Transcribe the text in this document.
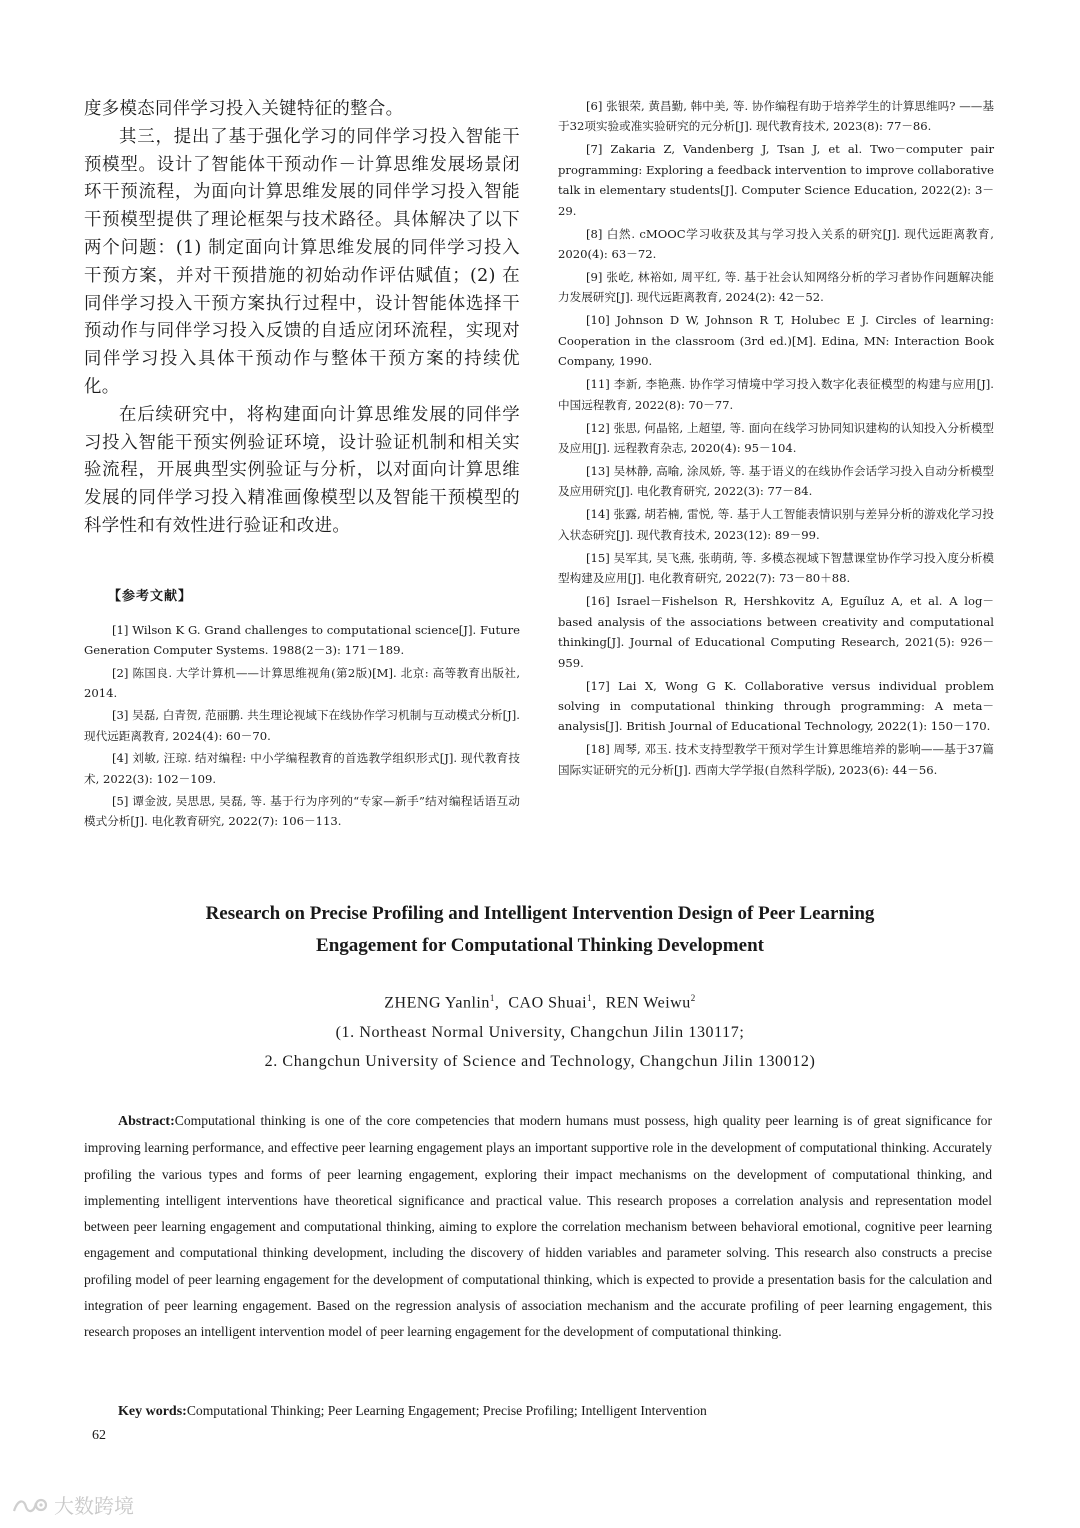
度多模态同伴学习投入关键特征的整合。

其三，提出了基于强化学习的同伴学习投入智能干预模型。设计了智能体干预动作－计算思维发展场景闭环干预流程，为面向计算思维发展的同伴学习投入智能干预模型提供了理论框架与技术路径。具体解决了以下两个问题：(1) 制定面向计算思维发展的同伴学习投入干预方案，并对干预措施的初始动作评估赋值；(2) 在同伴学习投入干预方案执行过程中，设计智能体选择干预动作与同伴学习投入反馈的自适应闭环流程，实现对同伴学习投入具体干预动作与整体干预方案的持续优化。

在后续研究中，将构建面向计算思维发展的同伴学习投入智能干预实例验证环境，设计验证机制和相关实验流程，开展典型实例验证与分析，以对面向计算思维发展的同伴学习投入精准画像模型以及智能干预模型的科学性和有效性进行验证和改进。

【参考文献】
[1] Wilson K G. Grand challenges to computational science[J]. Future Generation Computer Systems. 1988(2－3): 171－189.
[2] 陈国良. 大学计算机——计算思维视角(第2版)[M]. 北京: 高等教育出版社, 2014.
[3] 吴磊, 白青贺, 范丽鹏. 共生理论视域下在线协作学习机制与互动模式分析[J]. 现代远距离教育, 2024(4): 60－70.
[4] 刘敏, 汪琼. 结对编程: 中小学编程教育的首选教学组织形式[J]. 现代教育技术, 2022(3): 102－109.
[5] 谭金波, 吴思思, 吴磊, 等. 基于行为序列的“专家—新手”结对编程话语互动模式分析[J]. 电化教育研究, 2022(7): 106－113.
[6] 张银荣, 黄昌勤, 韩中美, 等. 协作编程有助于培养学生的计算思维吗? ——基于32项实验或准实验研究的元分析[J]. 现代教育技术, 2023(8): 77－86.
[7] Zakaria Z, Vandenberg J, Tsan J, et al. Two－computer pair programming: Exploring a feedback intervention to improve collaborative talk in elementary students[J]. Computer Science Education, 2022(2): 3－29.
[8] 白然. cMOOC学习收获及其与学习投入关系的研究[J]. 现代远距离教育, 2020(4): 63－72.
[9] 张屹, 林裕如, 周平红, 等. 基于社会认知网络分析的学习者协作问题解决能力发展研究[J]. 现代远距离教育, 2024(2): 42－52.
[10] Johnson D W, Johnson R T, Holubec E J. Circles of learning: Cooperation in the classroom (3rd ed.)[M]. Edina, MN: Interaction Book Company, 1990.
[11] 李新, 李艳燕. 协作学习情境中学习投入数字化表征模型的构建与应用[J]. 中国远程教育, 2022(8): 70－77.
[12] 张思, 何晶铭, 上超望, 等. 面向在线学习协同知识建构的认知投入分析模型及应用[J]. 远程教育杂志, 2020(4): 95－104.
[13] 吴林静, 高喻, 涂凤娇, 等. 基于语义的在线协作会话学习投入自动分析模型及应用研究[J]. 电化教育研究, 2022(3): 77－84.
[14] 张露, 胡若楠, 雷悦, 等. 基于人工智能表情识别与差异分析的游戏化学习投入状态研究[J]. 现代教育技术, 2023(12): 89－99.
[15] 吴军其, 吴飞燕, 张萌萌, 等. 多模态视域下智慧课堂协作学习投入度分析模型构建及应用[J]. 电化教育研究, 2022(7): 73－80＋88.
[16] Israel－Fishelson R, Hershkovitz A, Eguíluz A, et al. A log－based analysis of the associations between creativity and computational thinking[J]. Journal of Educational Computing Research, 2021(5): 926－959.
[17] Lai X, Wong G K. Collaborative versus individual problem solving in computational thinking through programming: A meta－analysis[J]. British Journal of Educational Technology, 2022(1): 150－170.
[18] 周琴, 邓玉. 技术支持型教学干预对学生计算思维培养的影响——基于37篇国际实证研究的元分析[J]. 西南大学学报(自然科学版), 2023(6): 44－56.
Research on Precise Profiling and Intelligent Intervention Design of Peer Learning
Engagement for Computational Thinking Development
ZHENG Yanlin$^1$,  CAO Shuai$^1$,  REN Weiwu$^2$
(1. Northeast Normal University, Changchun Jilin 130117;
2. Changchun University of Science and Technology, Changchun Jilin 130012)

Abstract:Computational thinking is one of the core competencies that modern humans must possess, high quality peer learning is of great significance for improving learning performance, and effective peer learning engagement plays an important supportive role in the development of computational thinking. Accurately profiling the various types and forms of peer learning engagement, exploring their impact mechanisms on the development of computational thinking, and implementing intelligent interventions have theoretical significance and practical value. This research proposes a correlation analysis and representation model between peer learning engagement and computational thinking, aiming to explore the correlation mechanism between behavioral emotional, cognitive peer learning engagement and computational thinking development, including the discovery of hidden variables and parameter solving. This research also constructs a precise profiling model of peer learning engagement for the development of computational thinking, which is expected to provide a presentation basis for the calculation and integration of peer learning engagement. Based on the regression analysis of association mechanism and the accurate profiling of peer learning engagement, this research proposes an intelligent intervention model of peer learning engagement for the development of computational thinking.

Key words:Computational Thinking; Peer Learning Engagement; Precise Profiling; Intelligent Intervention

62
大数跨境
